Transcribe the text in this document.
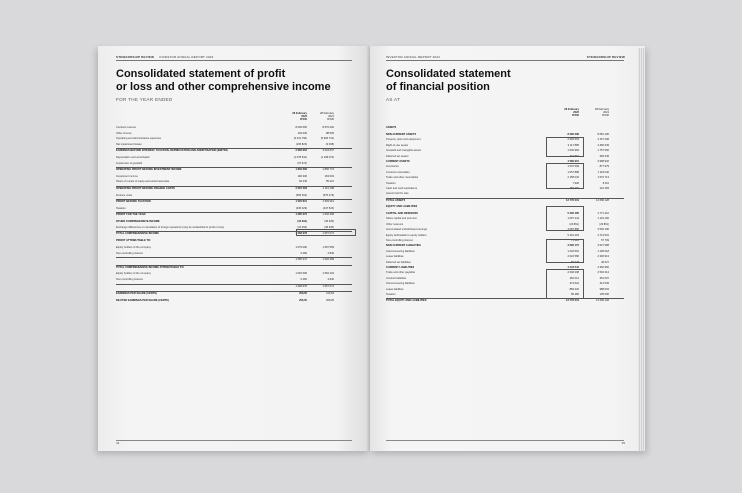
STEWARDSHIP REVIEW INVESTOR ANNUAL REPORT 2022
Consolidated statement of profit
or loss and other comprehensive income
FOR THE YEAR ENDED
28 February
2022
R'000
28 February
2021
R'000
Contract revenue	8 636 666	8 676 202
Other income	146 636	88 525
Operating and administrative expenses	(6 341 796)	(5 906 713)
Net impairment losses	(165 826)	(3 098)
EARNINGS BEFORE INTEREST, TAXATION, DEPRECIATION AND AMORTISATION (EBITDA)	2 966 964	3 004 847
Depreciation and amortisation	(1 078 610)	(1 108 073)
Impairment of goodwill	(57 672)
OPERATING PROFIT BEFORE INVESTMENT INCOME	1 830 682	1 896 774
Investment income	190 336	163 003
Share of results of equity-accounted associate	66 245	55 421
OPERATING PROFIT BEFORE FINANCE COSTS	2 087 263	2 115 198
Finance costs	(566 462)	(575 279)
PROFIT BEFORE TAXATION	1 520 801	1 539 919
Taxation	(435 429)	(447 520)
PROFIT FOR THE YEAR	1 085 372	1 092 399
OTHER COMPREHENSIVE INCOME	(16 394)	(35 325)
Exchange differences on translation of foreign operations (may be reclassified to profit or loss)	(16 394)	(35 325)
TOTAL COMPREHENSIVE INCOME	1 068 978	1 057 074
PROFIT ATTRIBUTABLE TO:
Equity holders of the company	1 079 090	1 087 559
Non-controlling interest	6 282	4 840
1 085 372	1 092 399
TOTAL COMPREHENSIVE INCOME ATTRIBUTABLE TO:
Equity holders of the company	1 062 696	1 052 234
Non-controlling interest	6 282	4 840
1 068 978	1 057 074
EARNINGS PER SHARE (CENTS)	208,56	210,54
DILUTED EARNINGS PER SHARE (CENTS)	206,50	208,25
34
INVESTOR ANNUAL REPORT 2022	STEWARDSHIP REVIEW
Consolidated statement
of financial position
AS AT
28 February
2022
R'000
28 February
2021
R'000
ASSETS
NON-CURRENT ASSETS	8 086 286	8 681 196
Property, plant and equipment	2 936 554	3 157 638
Right-of-use assets	3 117 885	3 482 649
Goodwill and intangible assets	1 636 984	1 757 560
Deferred tax assets	394 863	283 349
CURRENT ASSETS	4 689 915	3 998 932
Inventories	1 007 599	877 979
Contract receivables	1 057 888	1 118 046
Trade and other receivables	2 158 040	1 570 713
Taxation	7 928	8 011
Cash and cash equivalents	458 460	424 183
Assets held for sale
TOTAL ASSETS	12 776 201	12 680 128
EQUITY AND LIABILITIES
CAPITAL AND RESERVES	5 236 485	4 771 210
Share capital and premium	1 097 244	1 191 166
Other reserves	(23 861)	(23 861)
Accumulated undistributed earnings	4 087 880	3 546 196
Equity attributable to equity holders	5 161 263	4 713 501
Non-controlling interest	75 222	57 709
NON-CURRENT LIABILITIES	3 096 172	3 547 958
Interest-bearing liabilities	1 018 564	1 195 018
Lease liabilities	2 022 580	2 306 913
Deferred tax liabilities	55 028	46 027
CURRENT LIABILITIES	4 443 544	4 360 960
Trade and other payables	2 648 208	2 502 214
Contract liabilities	452 014	351 097
Interest-bearing liabilities	374 622	414 549
Lease liabilities	883 220	988 094
Taxation	85 480	105 006
TOTAL EQUITY AND LIABILITIES	12 776 201	12 680 128
35
